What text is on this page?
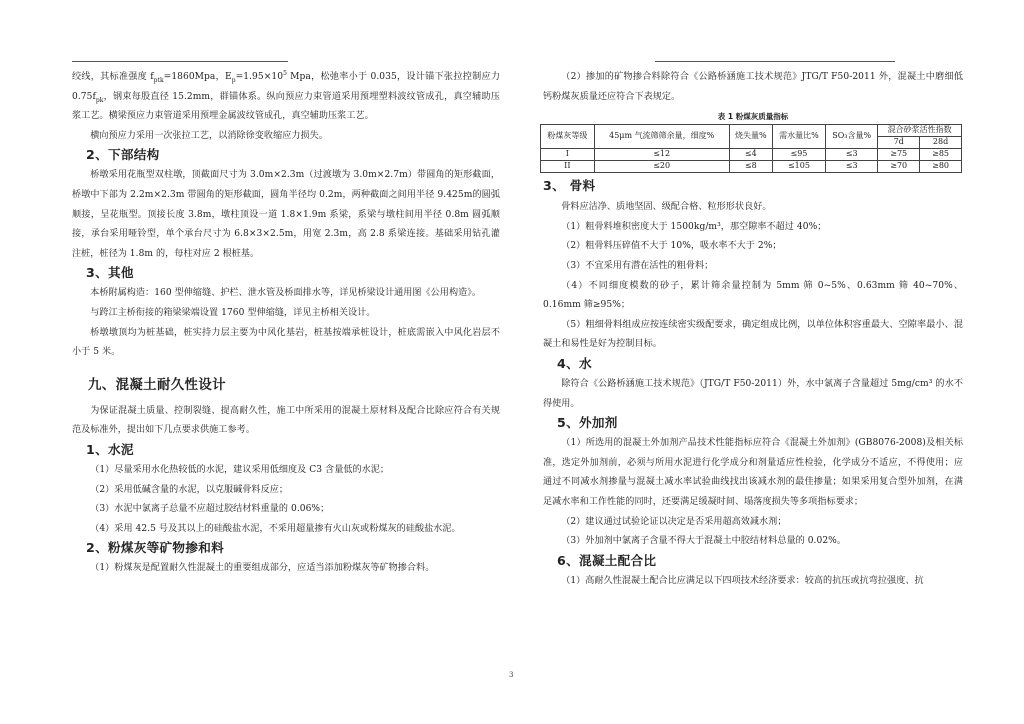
绞线，其标准强度 $f_{ptk}=1860Mpa$，$E_p=1.95\times 10^5$ Mpa，松弛率小于 0.035，设计锚下张拉控制应力$0.75f_{pk}$，钢束每股直径 15.2mm，群锚体系。纵向预应力束管道采用预埋塑料波纹管成孔，真空辅助压浆工艺。横梁预应力束管道采用预埋金属波纹管成孔，真空辅助压浆工艺。

横向预应力采用一次张拉工艺，以消除徐变收缩应力损失。

2、下部结构

桥墩采用花瓶型双柱墩，顶截面尺寸为 3.0m×2.3m（过渡墩为 3.0m×2.7m）带圆角的矩形截面，桥墩中下部为 2.2m×2.3m 带圆角的矩形截面，圆角半径均 0.2m，两种截面之间用半径 9.425m的圆弧顺接，呈花瓶型。顶接长度 3.8m，墩柱顶设一道 1.8×1.9m 系梁，系梁与墩柱间用半径 0.8m 圆弧顺接，承台采用哑铃型，单个承台尺寸为 6.8×3×2.5m，用宽 2.3m，高 2.8 系梁连接。基础采用钻孔灌注桩，桩径为 1.8m 的，每柱对应 2 根桩基。

3、其他

本桥附属构造：160 型伸缩缝、护栏、泄水管及桥面排水等，详见桥梁设计通用图《公用构造》。

与跨江主桥衔接的箱梁梁端设置 1760 型伸缩缝，详见主桥相关设计。

桥墩墩顶均为桩基础，桩实持力层主要为中风化基岩，桩基按端承桩设计，桩底需嵌入中风化岩层不小于 5 米。

九、混凝土耐久性设计

为保证混凝土质量、控制裂缝、提高耐久性，施工中所采用的混凝土原材料及配合比除应符合有关规范及标准外，提出如下几点要求供施工参考。

1、水泥

（1）尽量采用水化热较低的水泥，建议采用低细度及 C3 含量低的水泥；

（2）采用低碱含量的水泥，以克服碱骨料反应；

（3）水泥中氯离子总量不应超过胶结材料重量的 0.06%；

（4）采用 42.5 号及其以上的硅酸盐水泥，不采用超量掺有火山灰或粉煤灰的硅酸盐水泥。

2、粉煤灰等矿物掺和料

（1）粉煤灰是配置耐久性混凝土的重要组成部分，应适当添加粉煤灰等矿物掺合料。

（2）掺加的矿物掺合料除符合《公路桥涵施工技术规范》JTG/T F50-2011 外，混凝土中磨细低钙粉煤灰质量还应符合下表规定。

表 1 粉煤灰质量指标
粉煤灰等级	45μm 气流筛筛余量，细度%	烧失量%	需水量比%	SO₃含量%	混合砂浆活性指数	
					7d	28d
I	≤12	≤4	≤95	≤3	≥75	≥85
II	≤20	≤8	≤105	≤3	≥70	≥80
3、 骨料

骨料应洁净、质地坚固、级配合格、粒形形状良好。

（1）粗骨料堆积密度大于 1500kg/m³，那空隙率不超过 40%；

（2）粗骨料压碎值不大于 10%，吸水率不大于 2%；

（3）不宜采用有潜在活性的粗骨料；

（4）不同细度模数的砂子，累计筛余量控制为 5mm 筛 0~5%、0.63mm 筛 40~70%、0.16mm 筛≥95%；

（5）粗细骨料组成应按连续密实级配要求，确定组成比例，以单位体积容重最大、空隙率最小、混凝土和易性是好为控制目标。

4、水

除符合《公路桥涵施工技术规范》（JTG/T F50-2011）外，水中氯离子含量超过 5mg/cm³ 的水不得使用。

5、外加剂

（1）所选用的混凝土外加剂产品技术性能指标应符合《混凝土外加剂》(GB8076-2008)及相关标准，选定外加剂前，必须与所用水泥进行化学成分和剂量适应性检验，化学成分不适应，不得使用；应通过不同减水剂掺量与混凝土减水率试验曲线找出该减水剂的最佳掺量；如果采用复合型外加剂，在满足减水率和工作性能的同时，还要满足缓凝时间、塌落度损失等多项指标要求；

（2）建议通过试验论证以决定是否采用超高效减水剂；

（3）外加剂中氯离子含量不得大于混凝土中胶结材料总量的 0.02%。

6、混凝土配合比

（1）高耐久性混凝土配合比应满足以下四项技术经济要求：较高的抗压或抗弯拉强度、抗

3
